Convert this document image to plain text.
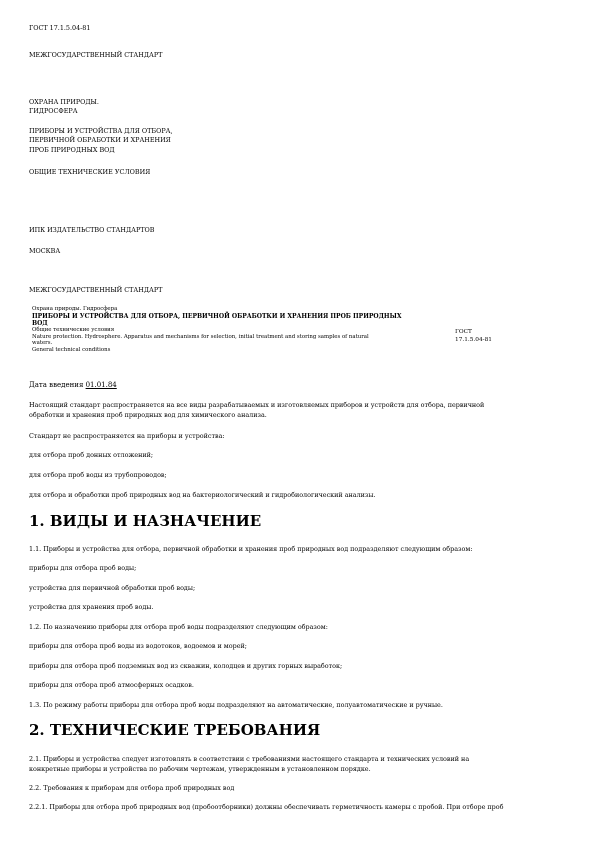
ГОСТ 17.1.5.04-81
МЕЖГОСУДАРСТВЕННЫЙ СТАНДАРТ
ОХРАНА ПРИРОДЫ.
ГИДРОСФЕРА
ПРИБОРЫ И УСТРОЙСТВА ДЛЯ ОТБОРА,
ПЕРВИЧНОЙ ОБРАБОТКИ И ХРАНЕНИЯ
ПРОБ ПРИРОДНЫХ ВОД
ОБЩИЕ ТЕХНИЧЕСКИЕ УСЛОВИЯ
ИПК ИЗДАТЕЛЬСТВО СТАНДАРТОВ
МОСКВА
МЕЖГОСУДАРСТВЕННЫЙ СТАНДАРТ
Охрана природы. Гидросфера
ПРИБОРЫ И УСТРОЙСТВА ДЛЯ ОТБОРА, ПЕРВИЧНОЙ ОБРАБОТКИ И ХРАНЕНИЯ ПРОБ ПРИРОДНЫХ
ВОД
Общие технические условия
Nature protection. Hydrosphere. Apparatus and mechanisms for selection, initial treatment and storing samples of natural
waters.
General technical conditions
ГОСТ
17.1.5.04-81
Дата введения 01.01.84
Настоящий стандарт распространяется на все виды разрабатываемых и изготовляемых приборов и устройств для отбора, первичной
обработки и хранения проб природных вод для химического анализа.
Стандарт не распространяется на приборы и устройства:
для отбора проб донных отложений;
для отбора проб воды из трубопроводов;
для отбора и обработки проб природных вод на бактериологический и гидробиологический анализы.
1. ВИДЫ И НАЗНАЧЕНИЕ
1.1. Приборы и устройства для отбора, первичной обработки и хранения проб природных вод подразделяют следующим образом:
приборы для отбора проб воды;
устройства для первичной обработки проб воды;
устройства для хранения проб воды.
1.2. По назначению приборы для отбора проб воды подразделяют следующим образом:
приборы для отбора проб воды из водотоков, водоемов и морей;
приборы для отбора проб подземных вод из скважин, колодцев и других горных выработок;
приборы для отбора проб атмосферных осадков.
1.3. По режиму работы приборы для отбора проб воды подразделяют на автоматические, полуавтоматические и ручные.
2. ТЕХНИЧЕСКИЕ ТРЕБОВАНИЯ
2.1. Приборы и устройства следует изготовлять в соответствии с требованиями настоящего стандарта и технических условий на
конкретные приборы и устройства по рабочим чертежам, утвержденным в установленном порядке.
2.2. Требования к приборам для отбора проб природных вод
2.2.1. Приборы для отбора проб природных вод (пробоотборники) должны обеспечивать герметичность камеры с пробой. При отборе проб
